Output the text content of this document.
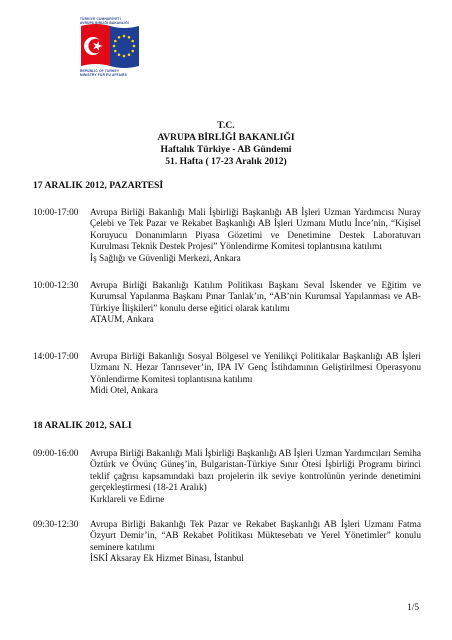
TÜRKİYE CUMHURİYETİ
AVRUPA BİRLİĞİ BAKANLIĞI
REPUBLIC OF TURKEY
MINISTRY FOR EU AFFAIRS
T.C.
AVRUPA BİRLİĞİ BAKANLIĞI
Haftalık Türkiye - AB Gündemi
51. Hafta ( 17-23 Aralık 2012)
17 ARALIK 2012, PAZARTESİ
10:00-17:00 Avrupa Birliği Bakanlığı Mali İşbirliği Başkanlığı AB İşleri Uzman Yardımcısı Nuray Çelebi ve Tek Pazar ve Rekabet Başkanlığı AB İşleri Uzmanı Mutlu İnce’nin, “Kişisel Koruyucu Donanımların Piyasa Gözetimi ve Denetimine Destek Laboratuvarı Kurulması Teknik Destek Projesi” Yönlendirme Komitesi toplantısına katılımı
İş Sağlığı ve Güvenliği Merkezi, Ankara
10:00-12:30 Avrupa Birliği Bakanlığı Katılım Politikası Başkanı Seval İskender ve Eğitim ve Kurumsal Yapılanma Başkanı Pınar Tanlak’ın, “AB’nin Kurumsal Yapılanması ve AB-Türkiye İlişkileri” konulu derse eğitici olarak katılımı
ATAUM, Ankara
14:00-17:00 Avrupa Birliği Bakanlığı Sosyal Bölgesel ve Yenilikçi Politikalar Başkanlığı AB İşleri Uzmanı N. Hezar Tanrısever’in, IPA IV Genç İstihdamının Geliştirilmesi Operasyonu Yönlendirme Komitesi toplantısına katılımı
Midi Otel, Ankara
18 ARALIK 2012, SALI
09:00-16:00 Avrupa Birliği Bakanlığı Mali İşbirliği Başkanlığı AB İşleri Uzman Yardımcıları Semiha Öztürk ve Övünç Güneş’in, Bulgaristan-Türkiye Sınır Ötesi İşbirliği Programı birinci teklif çağrısı kapsamındaki bazı projelerin ilk seviye kontrolünün yerinde denetimini gerçekleştirmesi (18-21 Aralık)
Kırklareli ve Edirne
09:30-12:30 Avrupa Birliği Bakanlığı Tek Pazar ve Rekabet Başkanlığı AB İşleri Uzmanı Fatma Özyurt Demir’in, “AB Rekabet Politikası Müktesebatı ve Yerel Yönetimler” konulu seminere katılımı
İSKİ Aksaray Ek Hizmet Binası, İstanbul
1/5
